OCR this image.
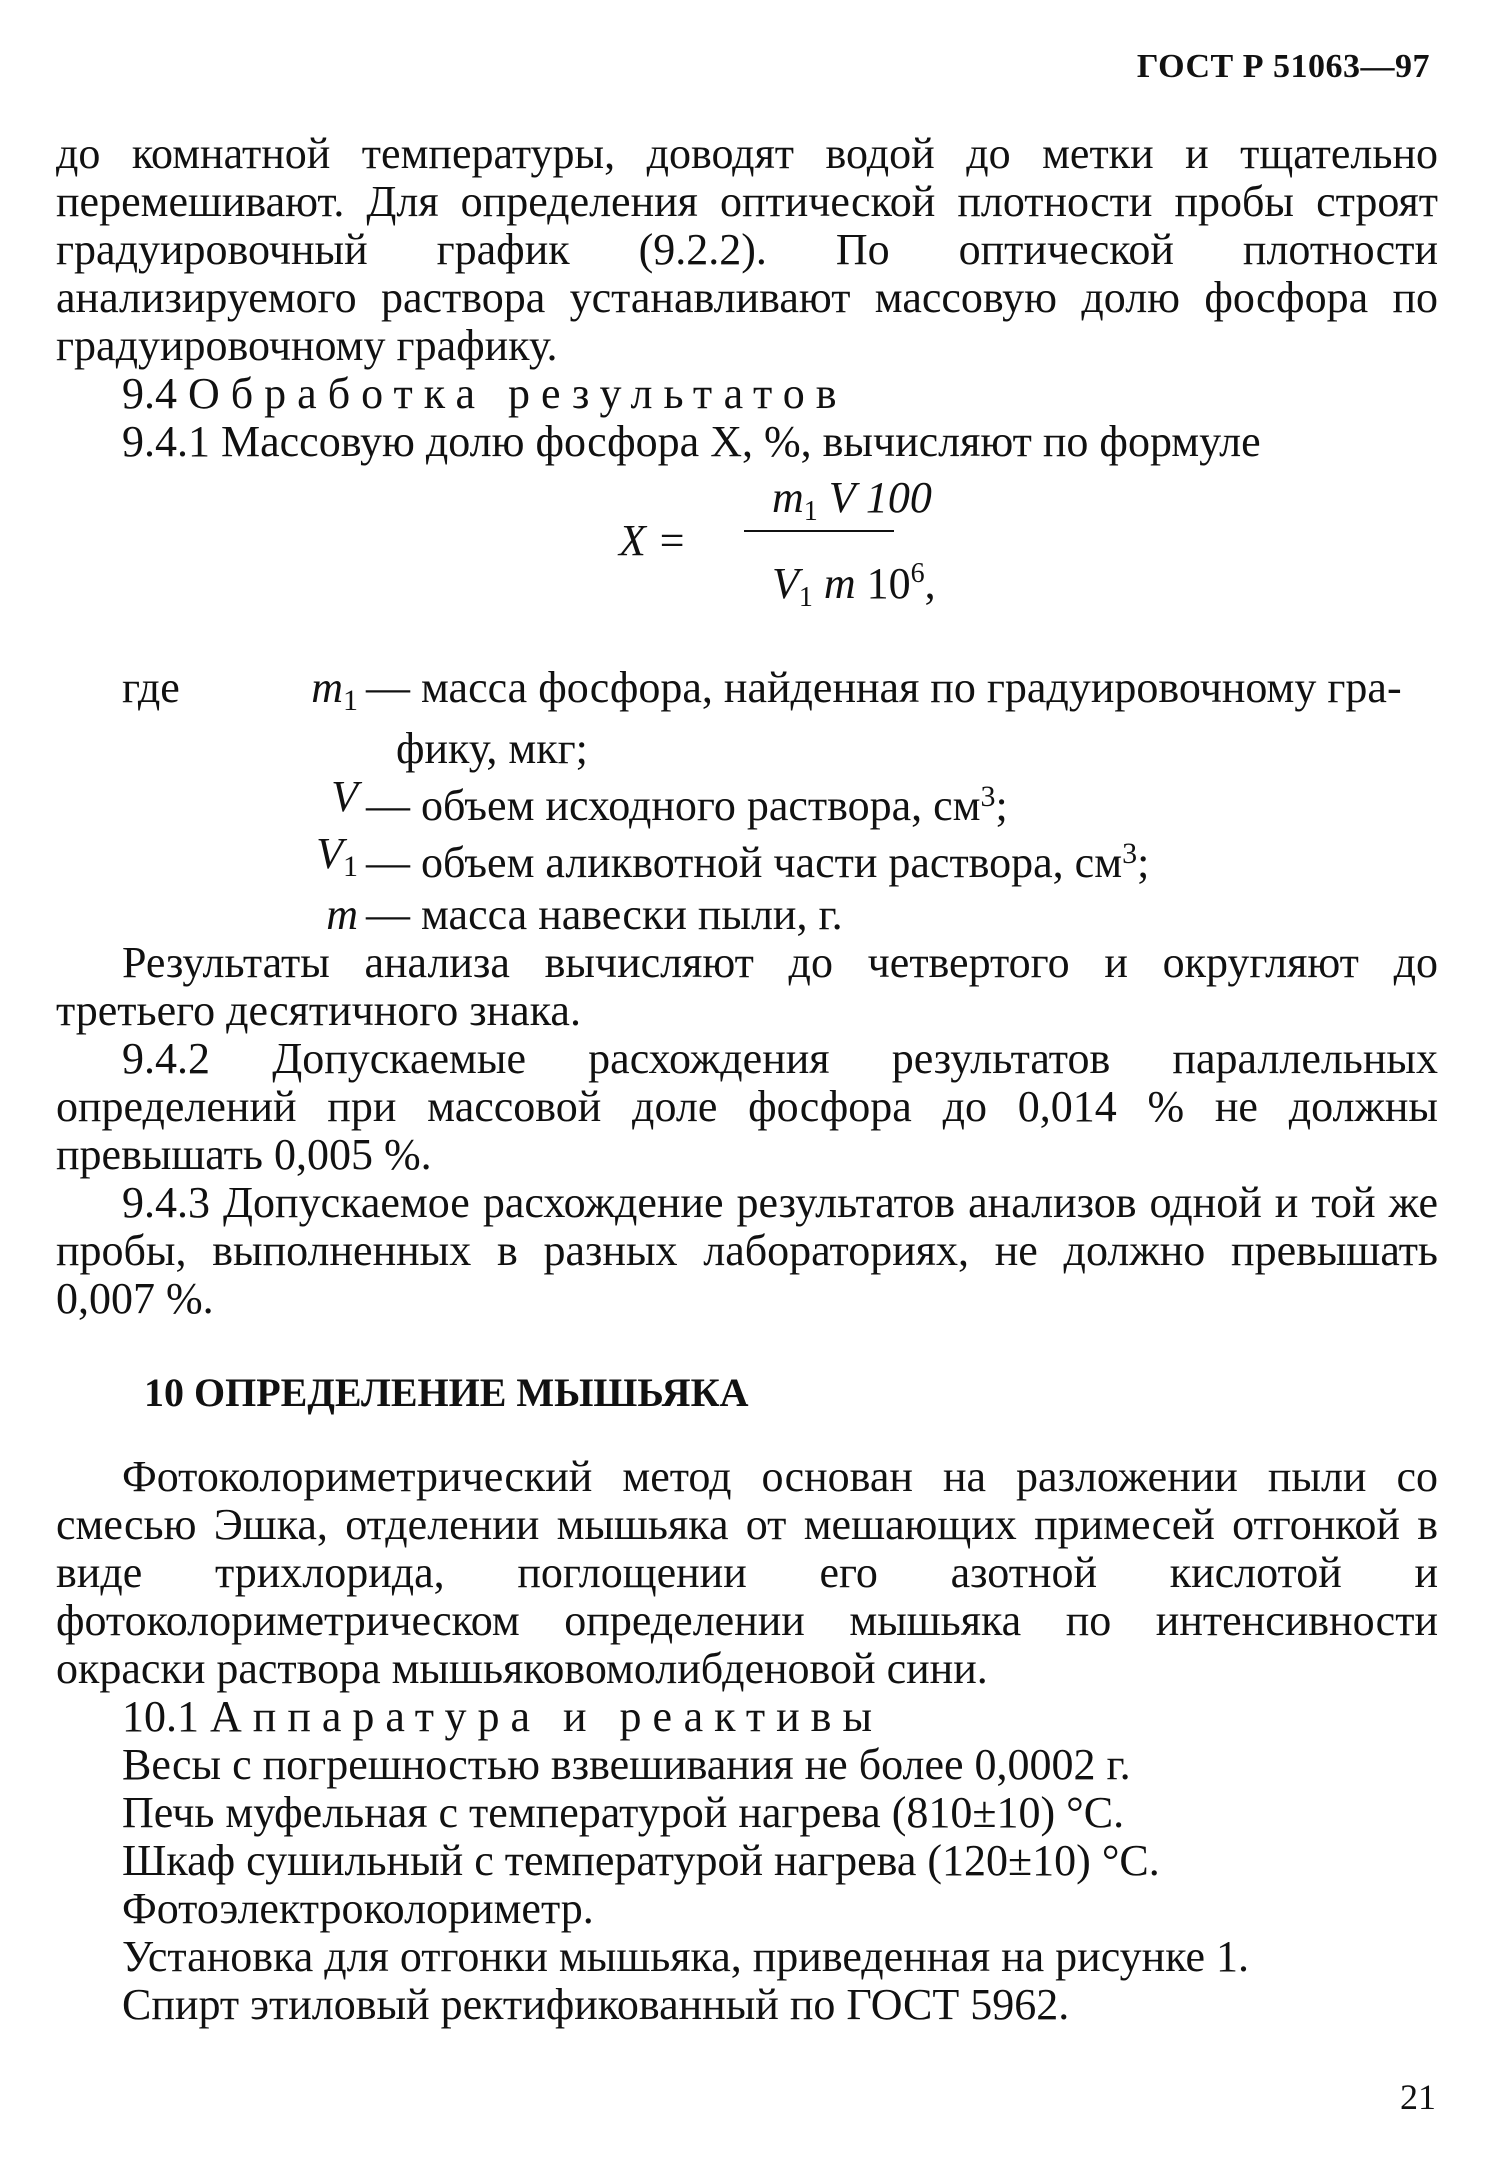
ГОСТ Р 51063—97

до комнатной температуры, доводят водой до метки и тщательно перемешивают. Для определения оптической плотности пробы строят градуировочный график (9.2.2). По оптической плотности анализируемого раствора устанавливают массовую долю фосфора по градуировочному графику.

9.4 Обработка результатов

9.4.1 Массовую долю фосфора X, %, вычисляют по формуле

X =
$m_1$ V 100
$V_1$ m $10^6$,
где	$m_1$ — масса фосфора, найденная по градуировочному гра-
фику, мкг;
V — объем исходного раствора, $см^3$;
$V_1$ — объем аликвотной части раствора, $см^3$;
m — масса навески пыли, г.

Результаты анализа вычисляют до четвертого и округляют до третьего десятичного знака.

9.4.2 Допускаемые расхождения результатов параллельных определений при массовой доле фосфора до 0,014 % не должны превышать 0,005 %.

9.4.3 Допускаемое расхождение результатов анализов одной и той же пробы, выполненных в разных лабораториях, не должно превышать 0,007 %.

10 ОПРЕДЕЛЕНИЕ МЫШЬЯКА

Фотоколориметрический метод основан на разложении пыли со смесью Эшка, отделении мышьяка от мешающих примесей отгонкой в виде трихлорида, поглощении его азотной кислотой и фотоколориметрическом определении мышьяка по интенсивности окраски раствора мышьяковомолибденовой сини.

10.1 Аппаратура и реактивы

Весы с погрешностью взвешивания не более 0,0002 г.

Печь муфельная с температурой нагрева (810±10) °С.

Шкаф сушильный с температурой нагрева (120±10) °С.

Фотоэлектроколориметр.

Установка для отгонки мышьяка, приведенная на рисунке 1.

Спирт этиловый ректификованный по ГОСТ 5962.

21
